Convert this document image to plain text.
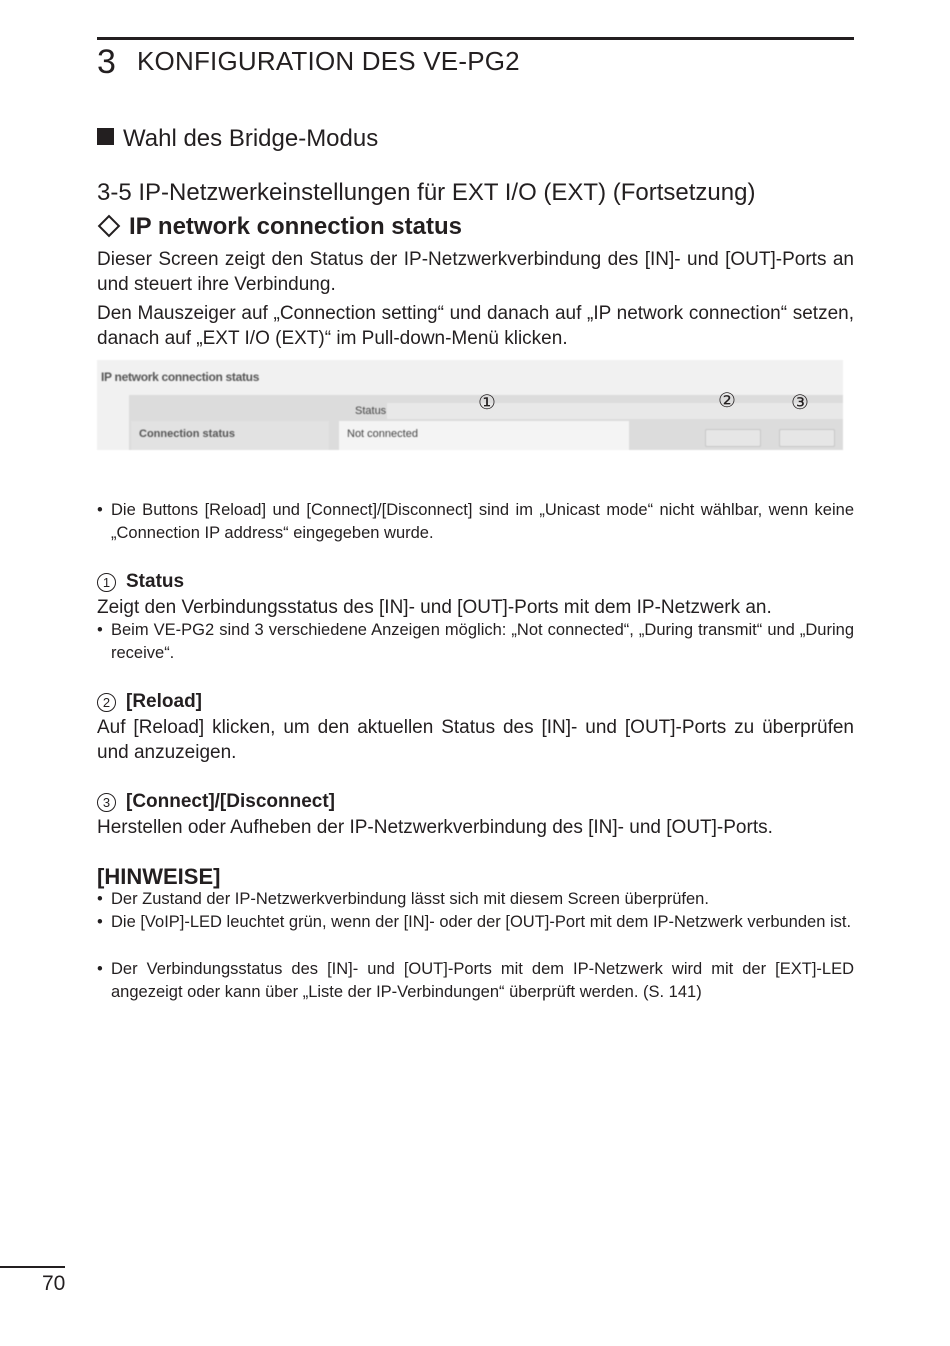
3 KONFIGURATION DES VE-PG2
Wahl des Bridge-Modus
3-5 IP-Netzwerkeinstellungen für EXT I/O (EXT) (Fortsetzung)
IP network connection status
Dieser Screen zeigt den Status der IP-Netzwerkverbindung des [IN]- und [OUT]-Ports an und steuert ihre Verbindung.
Den Mauszeiger auf „Connection setting“ und danach auf „IP network connection“ setzen, danach auf „EXT I/O (EXT)“ im Pull-down-Menü klicken.
IP network connection status
Status
Connection status	Not connected
①	②	③
• Die Buttons [Reload] und [Connect]/[Disconnect] sind im „Unicast mode“ nicht wählbar, wenn keine „Connection IP address“ eingegeben wurde.
1 Status
Zeigt den Verbindungsstatus des [IN]- und [OUT]-Ports mit dem IP-Netzwerk an.
• Beim VE-PG2 sind 3 verschiedene Anzeigen möglich: „Not connected“, „During transmit“ und „During receive“.
2 [Reload]
Auf [Reload] klicken, um den aktuellen Status des [IN]- und [OUT]-Ports zu überprüfen und anzuzeigen.
3 [Connect]/[Disconnect]
Herstellen oder Aufheben der IP-Netzwerkverbindung des [IN]- und [OUT]-Ports.
[HINWEISE]
• Der Zustand der IP-Netzwerkverbindung lässt sich mit diesem Screen überprüfen.
• Die [VoIP]-LED leuchtet grün, wenn der [IN]- oder der [OUT]-Port mit dem IP-Netzwerk verbunden ist.
• Der Verbindungsstatus des [IN]- und [OUT]-Ports mit dem IP-Netzwerk wird mit der [EXT]-LED angezeigt oder kann über „Liste der IP-Verbindungen“ überprüft werden. (S. 141)
70
